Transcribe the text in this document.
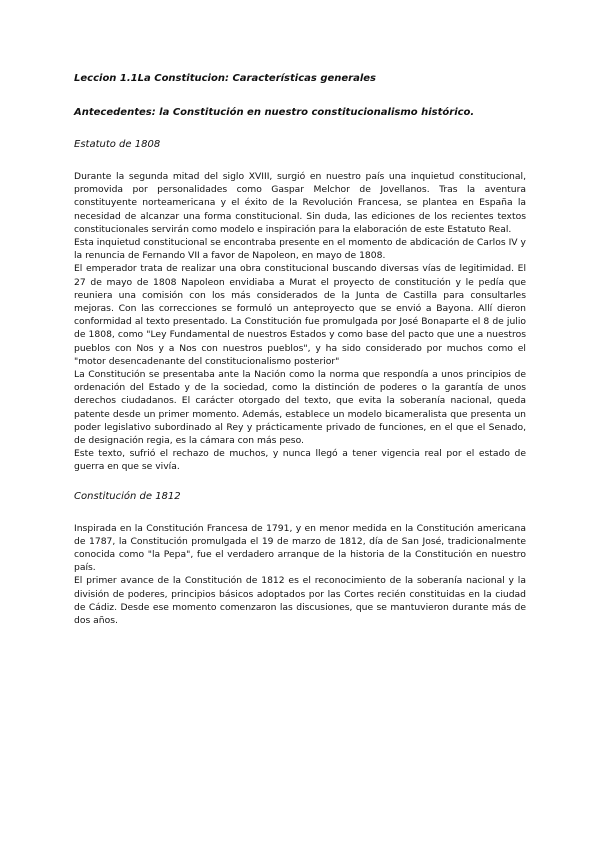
Leccion 1.1La Constitucion: Características generales

Antecedentes: la Constitución en nuestro constitucionalismo histórico.

Estatuto de 1808

Durante la segunda mitad del siglo XVIII, surgió en nuestro país una inquietud constitucional, promovida por personalidades como Gaspar Melchor de Jovellanos. Tras la aventura constituyente norteamericana y el éxito de la Revolución Francesa, se plantea en España la necesidad de alcanzar una forma constitucional. Sin duda, las ediciones de los recientes textos constitucionales servirán como modelo e inspiración para la elaboración de este Estatuto Real.

Esta inquietud constitucional se encontraba presente en el momento de abdicación de Carlos IV y la renuncia de Fernando VII a favor de Napoleon, en mayo de 1808.

El emperador trata de realizar una obra constitucional buscando diversas vías de legitimidad. El 27 de mayo de 1808 Napoleon envidiaba a Murat el proyecto de constitución y le pedía que reuniera una comisión con los más considerados de la Junta de Castilla para consultarles mejoras. Con las correcciones se formuló un anteproyecto que se envió a Bayona. Allí dieron conformidad al texto presentado. La Constitución fue promulgada por José Bonaparte el 8 de julio de 1808, como "Ley Fundamental de nuestros Estados y como base del pacto que une a nuestros pueblos con Nos y a Nos con nuestros pueblos", y ha sido considerado por muchos como el "motor desencadenante del constitucionalismo posterior"

La Constitución se presentaba ante la Nación como la norma que respondía a unos principios de ordenación del Estado y de la sociedad, como la distinción de poderes o la garantía de unos derechos ciudadanos. El carácter otorgado del texto, que evita la soberanía nacional, queda patente desde un primer momento. Además, establece un modelo bicameralista que presenta un poder legislativo subordinado al Rey y prácticamente privado de funciones, en el que el Senado, de designación regia, es la cámara con más peso.

Este texto, sufrió el rechazo de muchos, y nunca llegó a tener vigencia real por el estado de guerra en que se vivía.

Constitución de 1812

Inspirada en la Constitución Francesa de 1791, y en menor medida en la Constitución americana de 1787, la Constitución promulgada el 19 de marzo de 1812, día de San José, tradicionalmente conocida como "la Pepa", fue el verdadero arranque de la historia de la Constitución en nuestro país.

El primer avance de la Constitución de 1812 es el reconocimiento de la soberanía nacional y la división de poderes, principios básicos adoptados por las Cortes recién constituidas en la ciudad de Cádiz. Desde ese momento comenzaron las discusiones, que se mantuvieron durante más de dos años.
